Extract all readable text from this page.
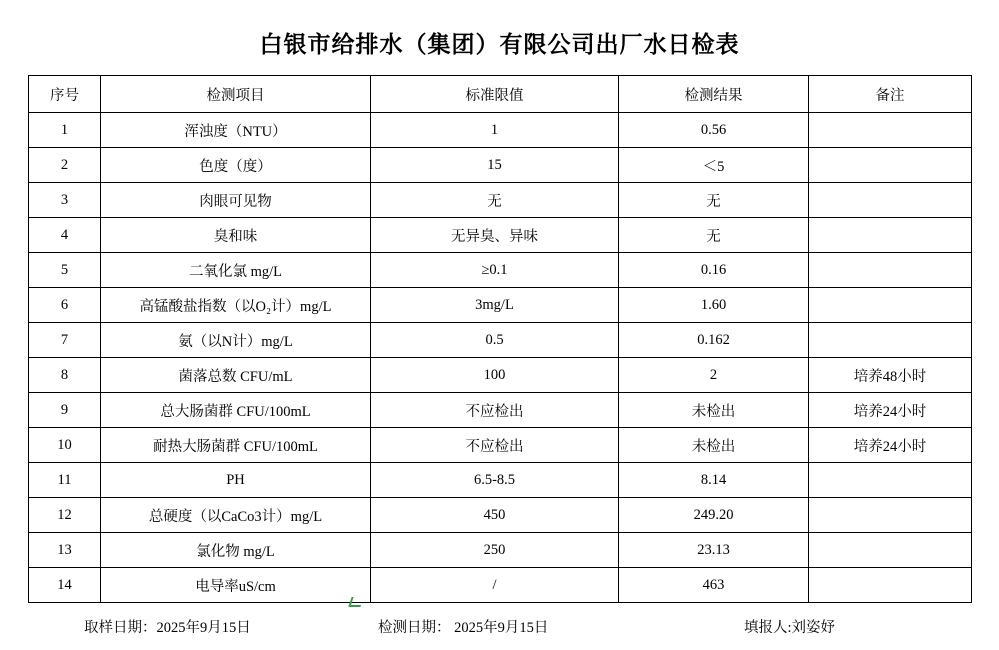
白银市给排水（集团）有限公司出厂水日检表
序号	检测项目	标准限值	检测结果	备注
1	浑浊度（NTU）	1	0.56	
2	色度（度）	15	＜5	
3	肉眼可见物	无	无	
4	臭和味	无异臭、异味	无	
5	二氧化氯 mg/L	≥0.1	0.16	
6	高锰酸盐指数（以O₂计）mg/L	3mg/L	1.60	
7	氨（以N计）mg/L	0.5	0.162	
8	菌落总数 CFU/mL	100	2	培养48小时
9	总大肠菌群 CFU/100mL	不应检出	未检出	培养24小时
10	耐热大肠菌群 CFU/100mL	不应检出	未检出	培养24小时
11	PH	6.5-8.5	8.14	
12	总硬度（以CaCo3计）mg/L	450	249.20	
13	氯化物 mg/L	250	23.13	
14	电导率uS/cm	/	463	
取样日期：2025年9月15日	检测日期： 2025年9月15日	填报人:刘姿妤
